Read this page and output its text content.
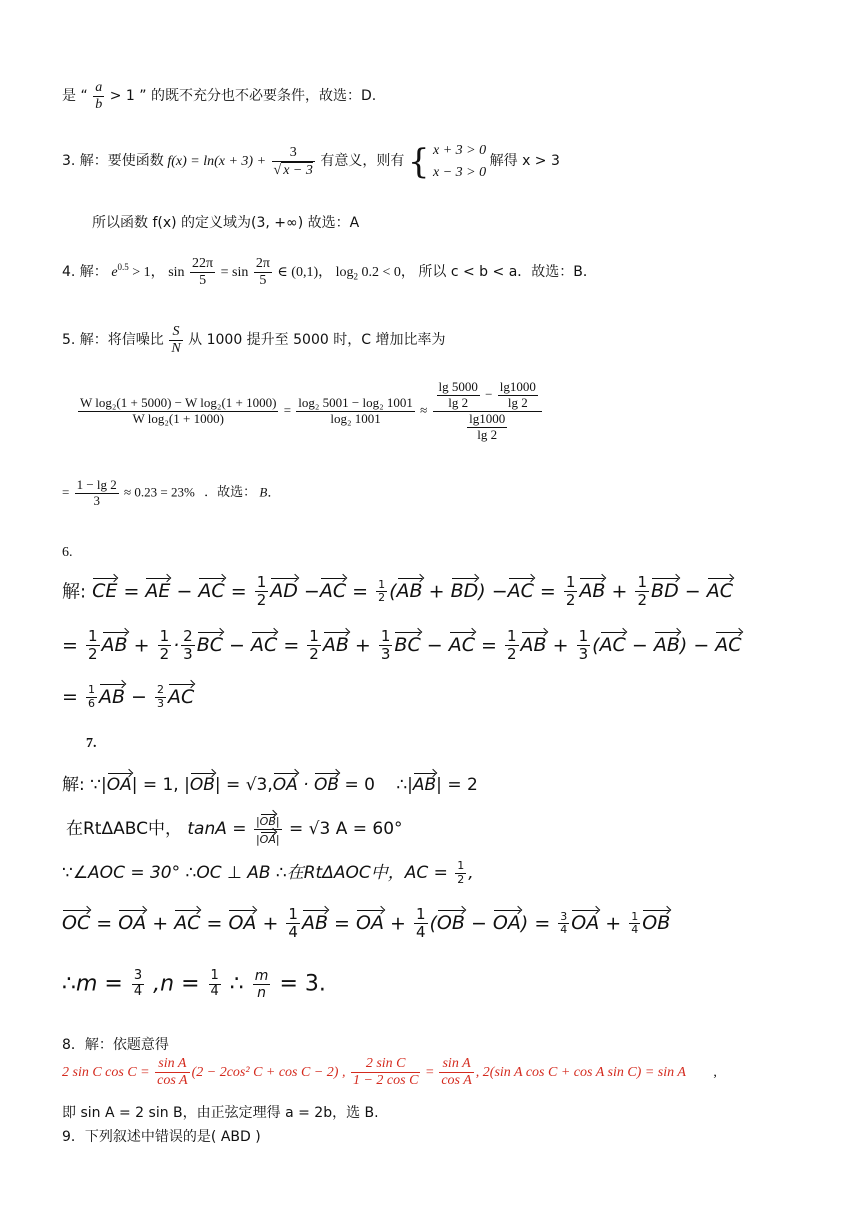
是 “ $\frac{a}{b} > 1$ ” 的既不充分也不必要条件，故选：D.
3. 解：要使函数 $f(x) = \ln(x + 3) + \frac{3}{√ x - 3}$ 有意义，则有 { x + 3 > 0
x − 3 > 0
解得 x > 3
所以函数 f(x) 的定义域为(3, +∞) 故选：A
4. 解： $e^{0.5} > 1$， $\sin \frac{22\pi}{5} = \sin \frac{2\pi}{5}$ ∈ (0,1)， $\log_2 0.2 < 0$， 所以 c < b < a．故选：B．
5. 解：将信噪比 $\frac{S}{N}$ 从 1000 提升至 5000 时，C 增加比率为
$\frac{\text{W log₂(1 + 5000) − W log₂(1 + 1000)}}{\text{W log₂(1 + 1000)}} = \frac{\text{log₂ 5001 − log₂ 1001}}{\text{log₂ 1001}} \approx \frac{\frac{\lg 5000}{\lg 2} - \frac{\lg 1000}{\lg 2}}{\frac{\lg 1000}{\lg 2}}$
= $\frac{1 - \lg 2}{3} \approx 0.23 = 23\%$ ．故选： B．
6.
解: CE = AE − AC = $\frac{1}{2}$ AD $-AC = \frac{1}{2} (AB + BD) -AC = \frac{1}{2}$ AB + $\frac{1}{2}$ BD − AC
= $\frac{1}{2}$ AB + $\frac{1}{2} \cdot \frac{2}{3}$ BC − AC = $\frac{1}{2}$ AB + $\frac{1}{3}$ BC − AC = $\frac{1}{2}$ AB + $\frac{1}{3} (AC - AB)$ − AC
= $\frac{1}{6}$ AB − $\frac{2}{3}$ AC
7.
解: ∵|OA| = 1, |OB| = √3,OA · OB = 0 ∴|AB| = 2
在RtΔABC中， $\tan A = \frac{|OB|}{|OA|} = √3$ A = 60°
∵∠AOC = 30° ∴OC ⊥ AB ∴在RtΔAOC中，AC = $\frac{1}{2}$ ,
OC = OA + AC = OA + $\frac{1}{4}$ AB = OA + $\frac{1}{4} (OB - OA) = \frac{3}{4}$ OA + $\frac{1}{4}$ OB
∴m = $\frac{3}{4} ,n = \frac{1}{4}$ ∴ $\frac{m}{n} = 3$.
8．解：依题意得
2 sin C $\cos C = \frac{\text{sin A}}{\text{cos A}} (2 - 2\cos^2$ C + cos C − 2) , $\frac{\text{2 sin C}}{\text{1 − 2 cos C}} = \frac{\text{sin A}}{\text{cos A}}$ , 2(sin A cos C + cos A sin C) = sin A ,
即 sin A = 2 sin B，由正弦定理得 a = 2b，选 B.
9．下列叙述中错误的是( ABD )
